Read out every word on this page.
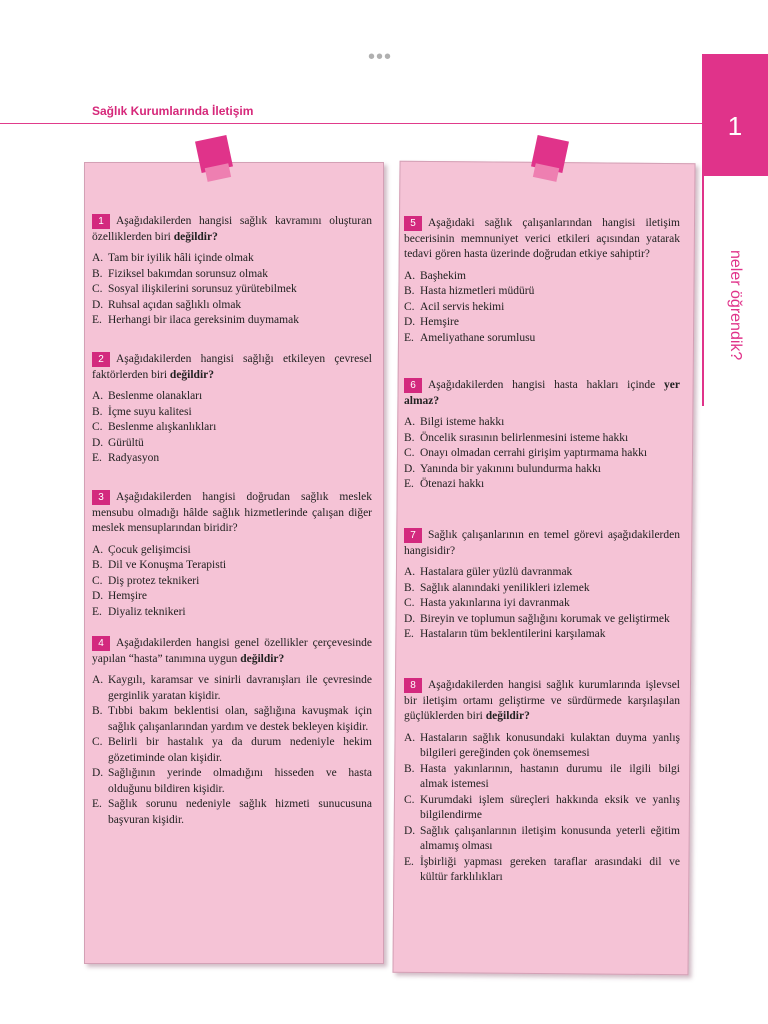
•••
Sağlık Kurumlarında İletişim	1
neler öğrendik?

1 Aşağıdakilerden hangisi sağlık kavramını oluşturan özelliklerden biri değildir?

A. Tam bir iyilik hâli içinde olmak
B. Fiziksel bakımdan sorunsuz olmak
C. Sosyal ilişkilerini sorunsuz yürütebilmek
D. Ruhsal açıdan sağlıklı olmak
E. Herhangi bir ilaca gereksinim duymamak

2 Aşağıdakilerden hangisi sağlığı etkileyen çevresel faktörlerden biri değildir?

A. Beslenme olanakları
B. İçme suyu kalitesi
C. Beslenme alışkanlıkları
D. Gürültü
E. Radyasyon

3 Aşağıdakilerden hangisi doğrudan sağlık meslek mensubu olmadığı hâlde sağlık hizmetlerinde çalışan diğer meslek mensuplarından biridir?

A. Çocuk gelişimcisi
B. Dil ve Konuşma Terapisti
C. Diş protez teknikeri
D. Hemşire
E. Diyaliz teknikeri

4 Aşağıdakilerden hangisi genel özellikler çerçevesinde yapılan “hasta” tanımına uygun değildir?

A. Kaygılı, karamsar ve sinirli davranışları ile çevresinde gerginlik yaratan kişidir.
B. Tıbbi bakım beklentisi olan, sağlığına kavuşmak için sağlık çalışanlarından yardım ve destek bekleyen kişidir.
C. Belirli bir hastalık ya da durum nedeniyle hekim gözetiminde olan kişidir.
D. Sağlığının yerinde olmadığını hisseden ve hasta olduğunu bildiren kişidir.
E. Sağlık sorunu nedeniyle sağlık hizmeti sunucusuna başvuran kişidir.

5 Aşağıdaki sağlık çalışanlarından hangisi iletişim becerisinin memnuniyet verici etkileri açısından yatarak tedavi gören hasta üzerinde doğrudan etkiye sahiptir?

A. Başhekim
B. Hasta hizmetleri müdürü
C. Acil servis hekimi
D. Hemşire
E. Ameliyathane sorumlusu

6 Aşağıdakilerden hangisi hasta hakları içinde yer almaz?

A. Bilgi isteme hakkı
B. Öncelik sırasının belirlenmesini isteme hakkı
C. Onayı olmadan cerrahi girişim yaptırmama hakkı
D. Yanında bir yakınını bulundurma hakkı
E. Ötenazi hakkı

7 Sağlık çalışanlarının en temel görevi aşağıdakilerden hangisidir?

A. Hastalara güler yüzlü davranmak
B. Sağlık alanındaki yenilikleri izlemek
C. Hasta yakınlarına iyi davranmak
D. Bireyin ve toplumun sağlığını korumak ve geliştirmek
E. Hastaların tüm beklentilerini karşılamak

8 Aşağıdakilerden hangisi sağlık kurumlarında işlevsel bir iletişim ortamı geliştirme ve sürdürmede karşılaşılan güçlüklerden biri değildir?

A. Hastaların sağlık konusundaki kulaktan duyma yanlış bilgileri gereğinden çok önemsemesi
B. Hasta yakınlarının, hastanın durumu ile ilgili bilgi almak istemesi
C. Kurumdaki işlem süreçleri hakkında eksik ve yanlış bilgilendirme
D. Sağlık çalışanlarının iletişim konusunda yeterli eğitim almamış olması
E. İşbirliği yapması gereken taraflar arasındaki dil ve kültür farklılıkları
